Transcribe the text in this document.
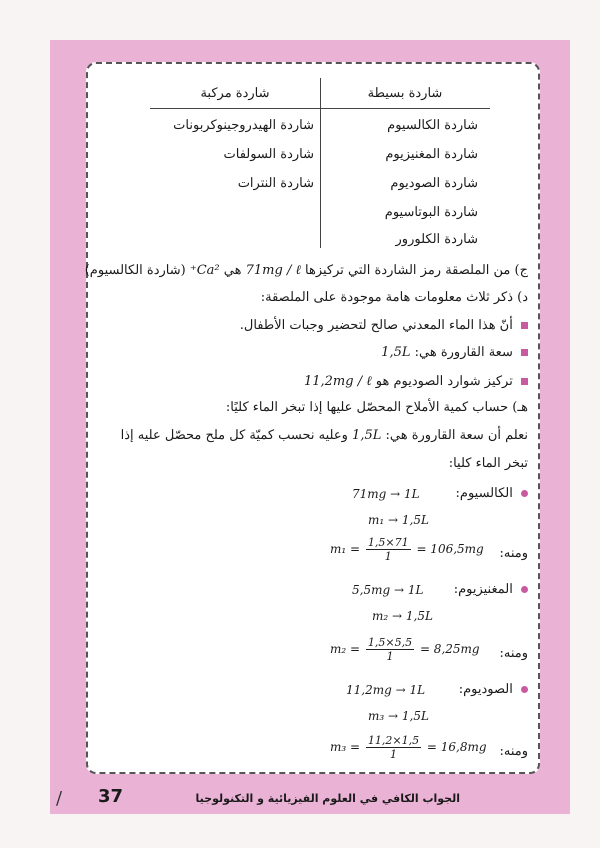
شاردة مركبة	شاردة بسيطة
شاردة الكالسيوم
شاردة المغنيزيوم
شاردة الصوديوم
شاردة البوتاسيوم
شاردة الكلورور
شاردة الهيدروجينوكربونات
شاردة السولفات
شاردة النترات
ج) من الملصقة رمز الشاردة التي تركيزها 71mg / ℓ هي Ca²⁺ (شاردة الكالسيوم)
د) ذكر ثلاث معلومات هامة موجودة على الملصقة:
أنّ هذا الماء المعدني صالح لتحضير وجبات الأطفال.
سعة القارورة هي: 1,5L
تركيز شوارد الصوديوم هو 11,2mg / ℓ
هـ) حساب كمية الأملاح المحصّل عليها إذا تبخر الماء كليًا:
نعلم أن سعة القارورة هي: 1,5L وعليه نحسب كميّة كل ملح محصّل عليه إذا
تبخر الماء كليا:
الكالسيوم:
71mg → 1L
m₁ → 1,5L
ومنه:
$m_1 = \frac{1,5\times 71}{1} = 106,5mg$
المغنيزيوم:
5,5mg → 1L
m₂ → 1,5L
ومنه:
$m_2 = \frac{1,5\times 5,5}{1} = 8,25mg$
الصوديوم:
11,2mg → 1L
m₃ → 1,5L
ومنه:
$m_3 = \frac{11,2\times 1,5}{1} = 16,8mg$
الجواب الكافي في العلوم الفيزيائية و التكنولوجيا
37
/
